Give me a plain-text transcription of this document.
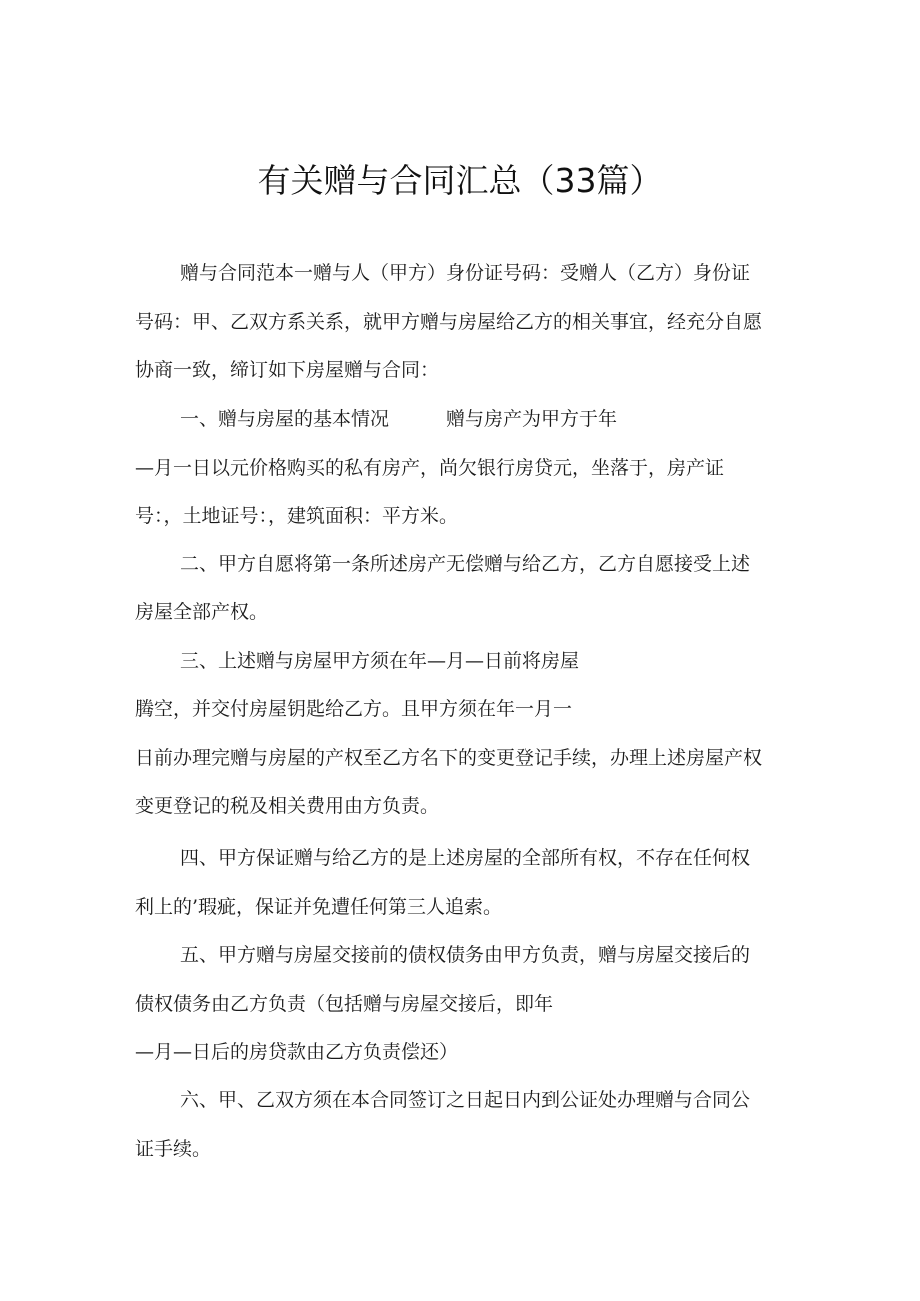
有关赠与合同汇总（33篇）

赠与合同范本一赠与人（甲方）身份证号码：受赠人（乙方）身份证

号码：甲、乙双方系关系，就甲方赠与房屋给乙方的相关事宜，经充分自愿

协商一致，缔订如下房屋赠与合同：

一、赠与房屋的基本情况　　　赠与房产为甲方于年

—月一日以元价格购买的私有房产，尚欠银行房贷元，坐落于，房产证

号：，土地证号：，建筑面积：平方米。

二、甲方自愿将第一条所述房产无偿赠与给乙方，乙方自愿接受上述

房屋全部产权。

三、上述赠与房屋甲方须在年—月—日前将房屋

腾空，并交付房屋钥匙给乙方。且甲方须在年一月一

日前办理完赠与房屋的产权至乙方名下的变更登记手续，办理上述房屋产权

变更登记的税及相关费用由方负责。

四、甲方保证赠与给乙方的是上述房屋的全部所有权，不存在任何权

利上的’瑕疵，保证并免遭任何第三人追索。

五、甲方赠与房屋交接前的债权债务由甲方负责，赠与房屋交接后的

债权债务由乙方负责（包括赠与房屋交接后，即年

—月—日后的房贷款由乙方负责偿还）

六、甲、乙双方须在本合同签订之日起日内到公证处办理赠与合同公

证手续。
